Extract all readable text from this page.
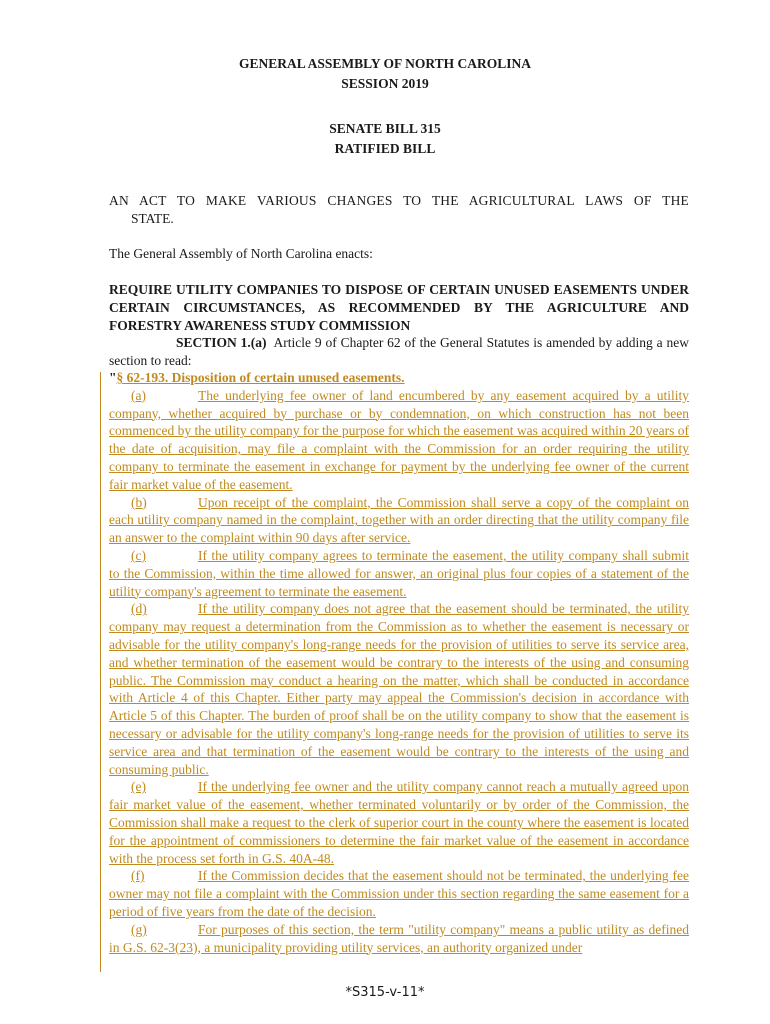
GENERAL ASSEMBLY OF NORTH CAROLINA
SESSION 2019
SENATE BILL 315
RATIFIED BILL
AN ACT TO MAKE VARIOUS CHANGES TO THE AGRICULTURAL LAWS OF THE
STATE.
The General Assembly of North Carolina enacts:
REQUIRE UTILITY COMPANIES TO DISPOSE OF CERTAIN UNUSED EASEMENTS UNDER CERTAIN CIRCUMSTANCES, AS RECOMMENDED BY THE AGRICULTURE AND FORESTRY AWARENESS STUDY COMMISSION
SECTION 1.(a) Article 9 of Chapter 62 of the General Statutes is amended by adding a new section to read:
"§ 62-193. Disposition of certain unused easements.

(a)	The underlying fee owner of land encumbered by any easement acquired by a utility company, whether acquired by purchase or by condemnation, on which construction has not been commenced by the utility company for the purpose for which the easement was acquired within 20 years of the date of acquisition, may file a complaint with the Commission for an order requiring the utility company to terminate the easement in exchange for payment by the underlying fee owner of the current fair market value of the easement.

(b)	Upon receipt of the complaint, the Commission shall serve a copy of the complaint on each utility company named in the complaint, together with an order directing that the utility company file an answer to the complaint within 90 days after service.

(c)	If the utility company agrees to terminate the easement, the utility company shall submit to the Commission, within the time allowed for answer, an original plus four copies of a statement of the utility company's agreement to terminate the easement.

(d)	If the utility company does not agree that the easement should be terminated, the utility company may request a determination from the Commission as to whether the easement is necessary or advisable for the utility company's long-range needs for the provision of utilities to serve its service area, and whether termination of the easement would be contrary to the interests of the using and consuming public. The Commission may conduct a hearing on the matter, which shall be conducted in accordance with Article 4 of this Chapter. Either party may appeal the Commission's decision in accordance with Article 5 of this Chapter. The burden of proof shall be on the utility company to show that the easement is necessary or advisable for the utility company's long-range needs for the provision of utilities to serve its service area and that termination of the easement would be contrary to the interests of the using and consuming public.

(e)	If the underlying fee owner and the utility company cannot reach a mutually agreed upon fair market value of the easement, whether terminated voluntarily or by order of the Commission, the Commission shall make a request to the clerk of superior court in the county where the easement is located for the appointment of commissioners to determine the fair market value of the easement in accordance with the process set forth in G.S. 40A-48.

(f)	If the Commission decides that the easement should not be terminated, the underlying fee owner may not file a complaint with the Commission under this section regarding the same easement for a period of five years from the date of the decision.

(g)	For purposes of this section, the term "utility company" means a public utility as defined in G.S. 62-3(23), a municipality providing utility services, an authority organized under

*S315-v-11*
